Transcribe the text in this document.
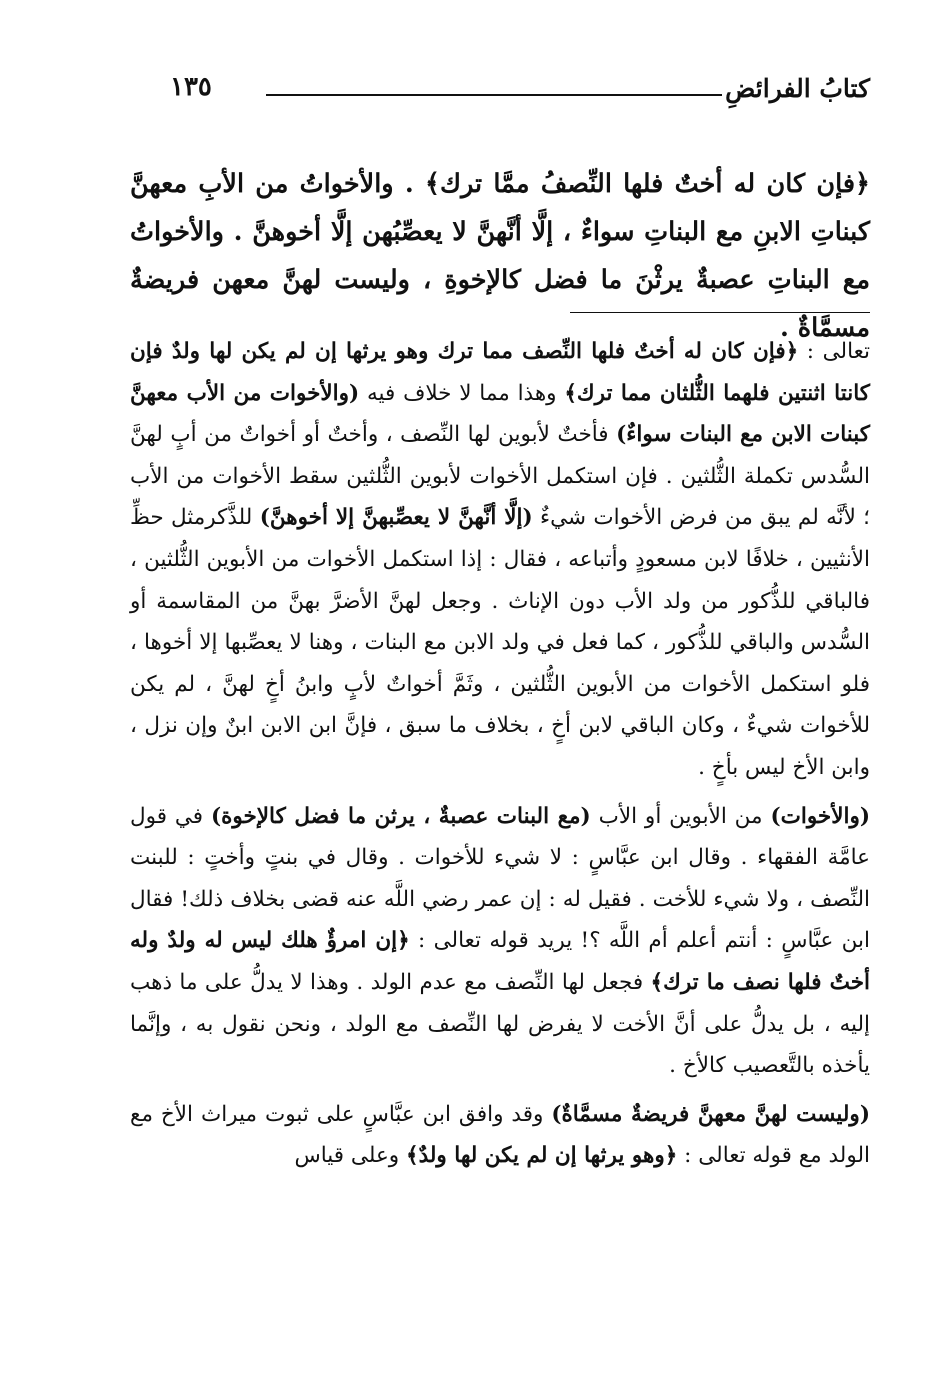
كتابُ الفرائضِ
١٣٥
﴿فإن كان له أختٌ فلها النِّصفُ ممَّا ترك﴾ . والأخواتُ من الأبِ معهنَّ كبناتِ الابنِ مع البناتِ سواءٌ ، إلَّا أنَّهنَّ لا يعصِّبُهن إلَّا أخوهنَّ . والأخواتُ مع البناتِ عصبةٌ يرثْنَ ما فضل كالإخوةِ ، وليست لهنَّ معهن فريضةٌ مسمَّاةٌ .

تعالى : ﴿فإن كان له أختٌ فلها النِّصف مما ترك وهو يرثها إن لم يكن لها ولدٌ فإن كانتا اثنتين فلهما الثُّلثان مما ترك﴾ وهذا مما لا خلاف فيه (والأخوات من الأب معهنَّ كبنات الابن مع البنات سواءٌ) فأختٌ لأبوين لها النِّصف ، وأختٌ أو أخواتٌ من أبٍ لهنَّ السُّدس تكملة الثُّلثين . فإن استكمل الأخوات لأبوين الثُّلثين سقط الأخوات من الأب ؛ لأنَّه لم يبق من فرض الأخوات شيءٌ (إلَّا أنَّهنَّ لا يعصِّبهنَّ إلا أخوهنَّ) للذَّكرمثل حظِّ الأنثيين ، خلافًا لابن مسعودٍ وأتباعه ، فقال : إذا استكمل الأخوات من الأبوين الثُّلثين ، فالباقي للذُّكور من ولد الأب دون الإناث . وجعل لهنَّ الأضرَّ بهنَّ من المقاسمة أو السُّدس والباقي للذُّكور ، كما فعل في ولد الابن مع البنات ، وهنا لا يعصِّبها إلا أخوها ، فلو استكمل الأخوات من الأبوين الثُّلثين ، وثَمَّ أخواتٌ لأبٍ وابنُ أخٍ لهنَّ ، لم يكن للأخوات شيءٌ ، وكان الباقي لابن أخٍ ، بخلاف ما سبق ، فإنَّ ابن الابن ابنٌ وإن نزل ، وابن الأخ ليس بأخٍ .

(والأخوات) من الأبوين أو الأب (مع البنات عصبةٌ ، يرثن ما فضل كالإخوة) في قول عامَّة الفقهاء . وقال ابن عبَّاسٍ : لا شيء للأخوات . وقال في بنتٍ وأختٍ : للبنت النِّصف ، ولا شيء للأخت . فقيل له : إن عمر رضي اللَّه عنه قضى بخلاف ذلك! فقال ابن عبَّاسٍ : أنتم أعلم أم اللَّه ؟! يريد قوله تعالى : ﴿إن امرؤٌ هلك ليس له ولدٌ وله أختٌ فلها نصف ما ترك﴾ فجعل لها النِّصف مع عدم الولد . وهذا لا يدلُّ على ما ذهب إليه ، بل يدلُّ على أنَّ الأخت لا يفرض لها النِّصف مع الولد ، ونحن نقول به ، وإنَّما يأخذه بالتَّعصيب كالأخ .

(وليست لهنَّ معهنَّ فريضةٌ مسمَّاةٌ) وقد وافق ابن عبَّاسٍ على ثبوت ميراث الأخ مع الولد مع قوله تعالى : ﴿وهو يرثها إن لم يكن لها ولدٌ﴾ وعلى قياس
